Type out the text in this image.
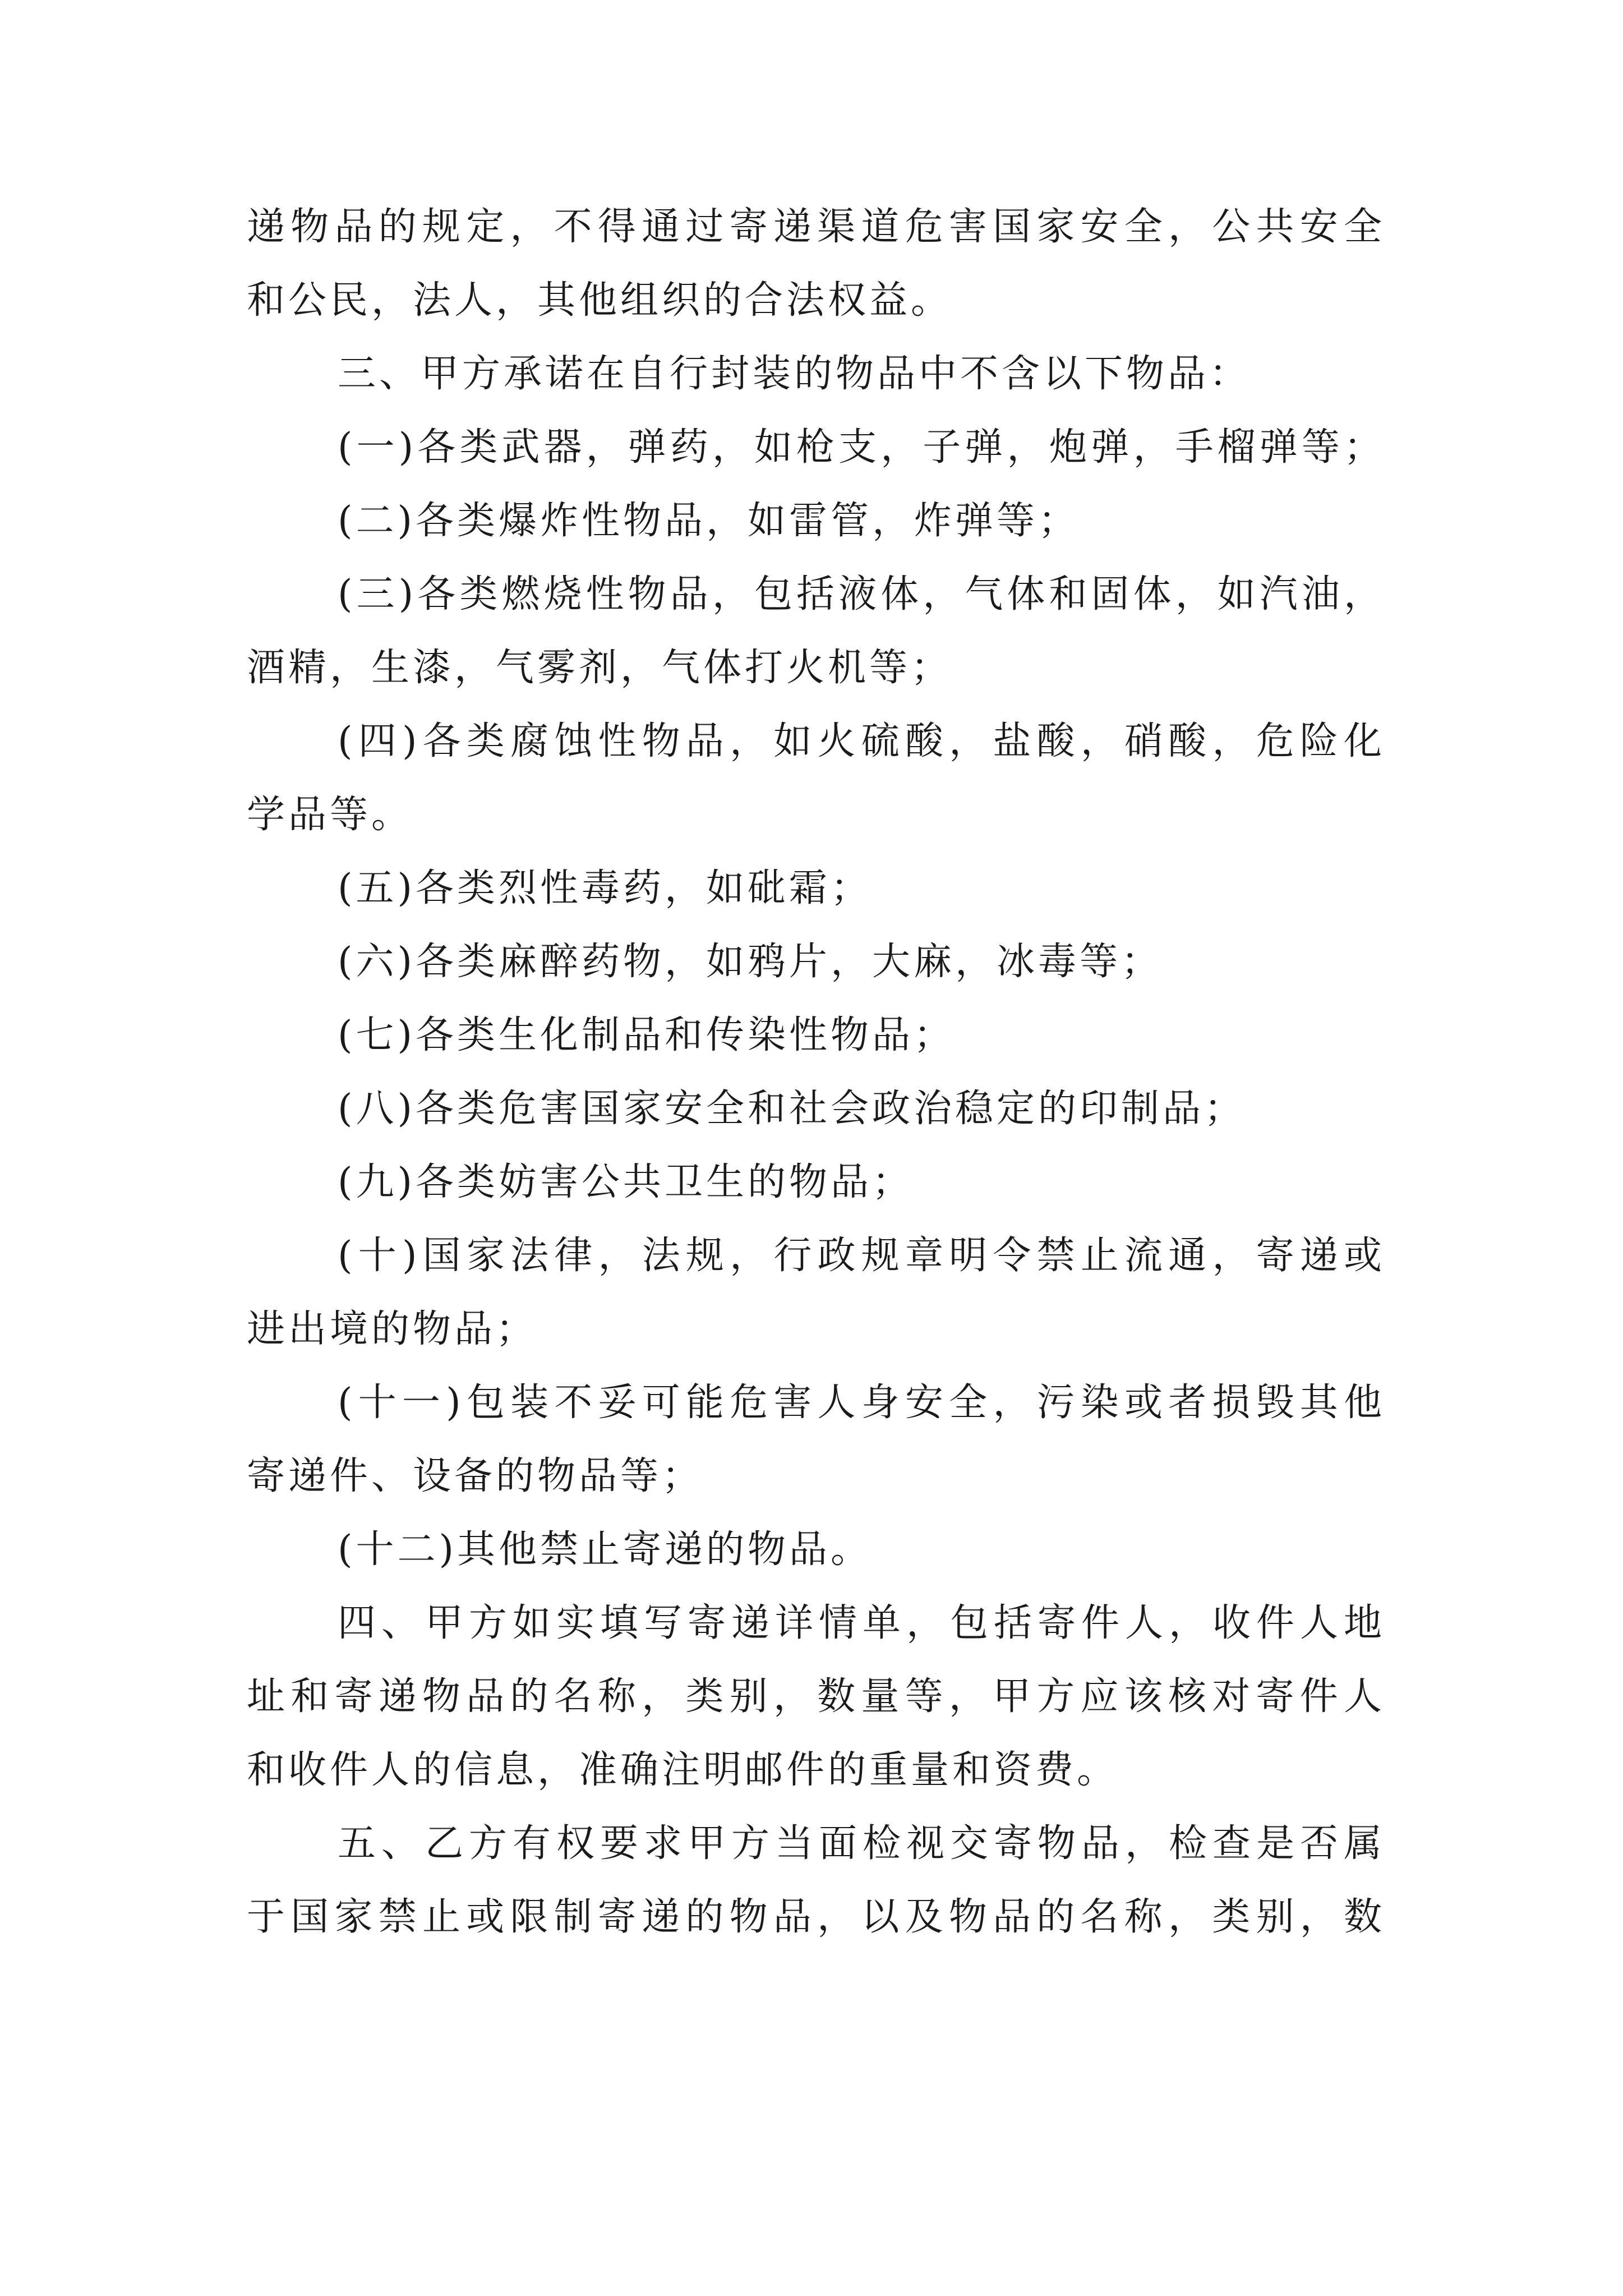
递物品的规定，不得通过寄递渠道危害国家安全，公共安全
和公民，法人，其他组织的合法权益。
三、甲方承诺在自行封装的物品中不含以下物品：
(一)各类武器，弹药，如枪支，子弹，炮弹，手榴弹等；
(二)各类爆炸性物品，如雷管，炸弹等；
(三)各类燃烧性物品，包括液体，气体和固体，如汽油，
酒精，生漆，气雾剂，气体打火机等；
(四)各类腐蚀性物品，如火硫酸，盐酸，硝酸，危险化
学品等。
(五)各类烈性毒药，如砒霜；
(六)各类麻醉药物，如鸦片，大麻，冰毒等；
(七)各类生化制品和传染性物品；
(八)各类危害国家安全和社会政治稳定的印制品；
(九)各类妨害公共卫生的物品；
(十)国家法律，法规，行政规章明令禁止流通，寄递或
进出境的物品；
(十一)包装不妥可能危害人身安全，污染或者损毁其他
寄递件、设备的物品等；
(十二)其他禁止寄递的物品。
四、甲方如实填写寄递详情单，包括寄件人，收件人地
址和寄递物品的名称，类别，数量等，甲方应该核对寄件人
和收件人的信息，准确注明邮件的重量和资费。
五、乙方有权要求甲方当面检视交寄物品，检查是否属
于国家禁止或限制寄递的物品，以及物品的名称，类别，数
